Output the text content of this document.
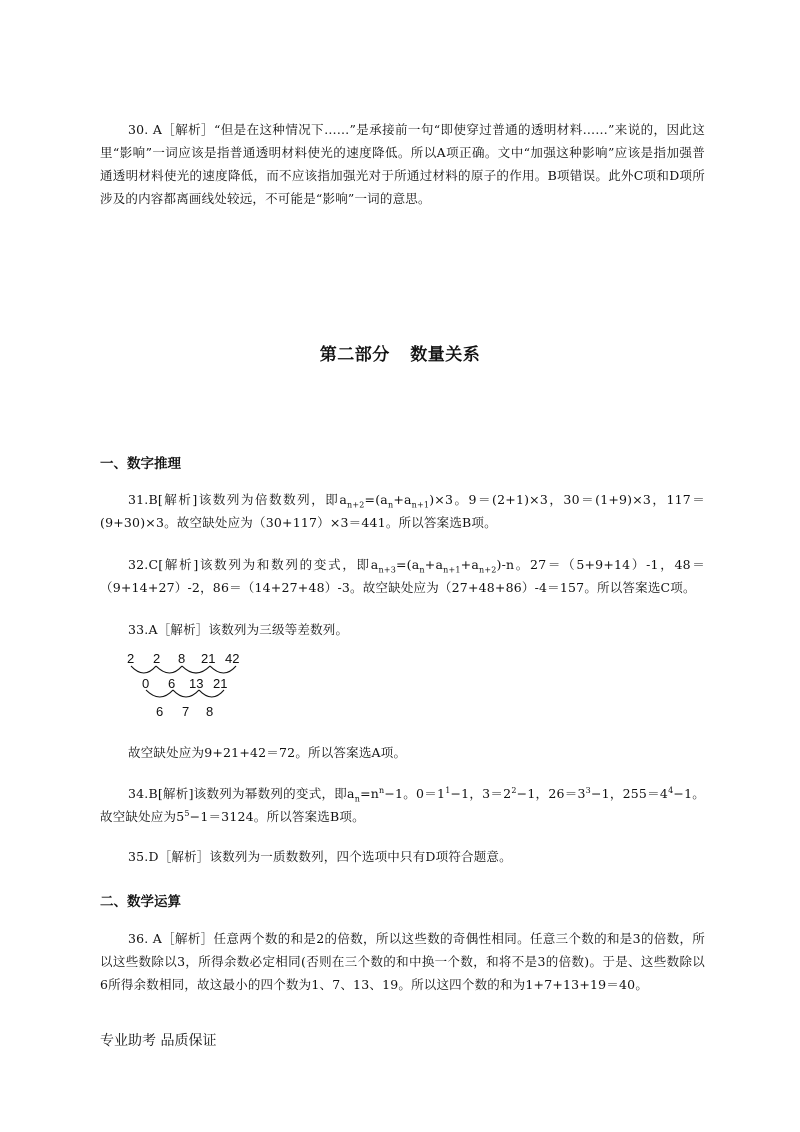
30. A［解析］“但是在这种情况下……”是承接前一句“即使穿过普通的透明材料……”来说的，因此这里“影响”一词应该是指普通透明材料使光的速度降低。所以A项正确。文中“加强这种影响”应该是指加强普通透明材料使光的速度降低，而不应该指加强光对于所通过材料的原子的作用。B项错误。此外C项和D项所涉及的内容都离画线处较远，不可能是“影响”一词的意思。

第二部分 数量关系
一、数字推理

31.B[解析]该数列为倍数数列，即$a_{n+2}=(a_n+a_{n+1})\times 3$。9＝(2+1)×3，30＝(1+9)×3，117＝(9+30)×3。故空缺处应为（30+117）×3＝441。所以答案选B项。

32.C[解析]该数列为和数列的变式，即$a_{n+3}=(a_n+a_{n+1}+a_{n+2})-n$。27＝（5+9+14）-1，48＝（9+14+27）-2，86＝（14+27+48）-3。故空缺处应为（27+48+86）-4＝157。所以答案选C项。

33.A［解析］该数列为三级等差数列。

2 2 8 21 42
0 6 13 21
6 7 8

故空缺处应为9+21+42＝72。所以答案选A项。

34.B[解析]该数列为幂数列的变式，即$a_n=n^n-1$。$0=1^1-1$，$3=2^2-1$，$26=3^3-1$，$255=4^4-1$。故空缺处应为$5^5-1=3124$。所以答案选B项。

35.D［解析］该数列为一质数数列，四个选项中只有D项符合题意。

二、数学运算

36. A［解析］任意两个数的和是2的倍数，所以这些数的奇偶性相同。任意三个数的和是3的倍数，所以这些数除以3，所得余数必定相同(否则在三个数的和中换一个数，和将不是3的倍数)。于是、这些数除以6所得余数相同，故这最小的四个数为1、7、13、19。所以这四个数的和为1+7+13+19＝40。

专业助考 品质保证
